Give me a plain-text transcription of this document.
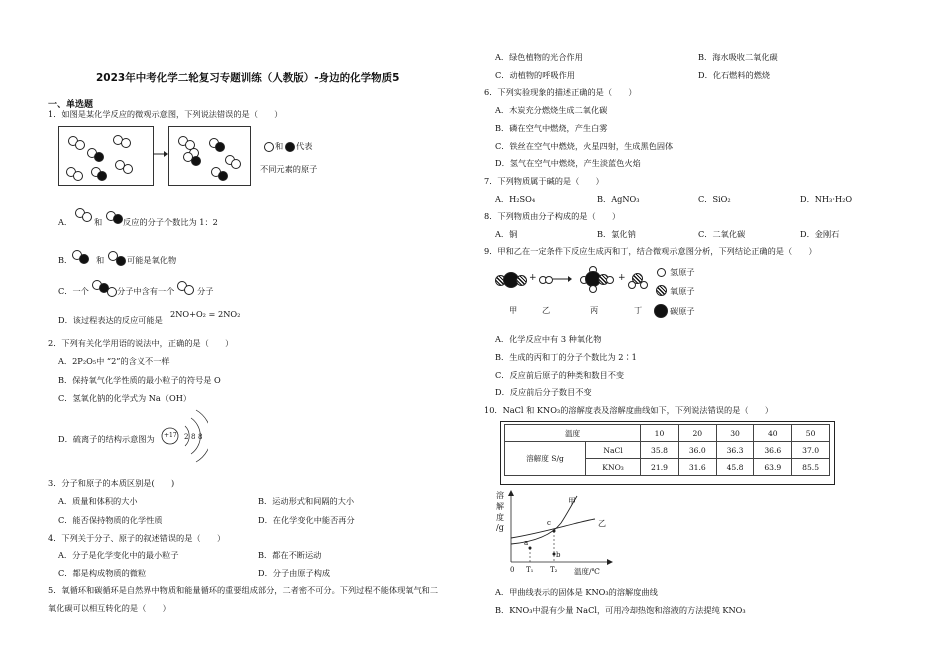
2023年中考化学二轮复习专题训练（人教版）-身边的化学物质5
一、单选题
1．如图是某化学反应的微观示意图，下列说法错误的是（　　）
和 代表
不同元素的原子
A．	和	反应的分子个数比为 1：2
B．	和	可能是氧化物
C．一个	分子中含有一个	分子
D．该过程表达的反应可能是
2NO+O₂ = 2NO₂
2．下列有关化学用语的说法中，正确的是（　　）
A．2P₂O₅中 “2”的含义不一样
B．保持氧气化学性质的最小粒子的符号是 O
C．氢氧化钠的化学式为 Na（OH）
D．硫离子的结构示意图为 +17 2 8 8
3．分子和原子的本质区别是(　　)
A．质量和体积的大小	B．运动形式和间隔的大小
C．能否保持物质的化学性质	D．在化学变化中能否再分
4．下列关于分子、原子的叙述错误的是（　　）
A．分子是化学变化中的最小粒子	B．都在不断运动
C．都是构成物质的微粒	D．分子由原子构成
5．氧循环和碳循环是自然界中物质和能量循环的重要组成部分，二者密不可分。下列过程不能体现氧气和二
氧化碳可以相互转化的是（　　）
A．绿色植物的光合作用	B．海水吸收二氧化碳
C．动植物的呼吸作用	D．化石燃料的燃烧
6．下列实验现象的描述正确的是（　　）
A．木炭充分燃烧生成二氧化碳
B．磷在空气中燃烧，产生白雾
C．铁丝在空气中燃烧，火星四射，生成黑色固体
D．氢气在空气中燃烧，产生淡蓝色火焰
7．下列物质属于碱的是（　　）
A．H₂SO₄	B．AgNO₃	C．SiO₂	D．NH₃·H₂O
8．下列物质由分子构成的是（　　）
A．铜	B．氯化钠	C．二氧化碳	D．金刚石
9．甲和乙在一定条件下反应生成丙和丁，结合微观示意图分析，下列结论正确的是（　　）
+	+
氢原子
氧原子
碳原子
甲	乙	丙	丁
A．化学反应中有 3 种氧化物
B．生成的丙和丁的分子个数比为 2∶1
C．反应前后原子的种类和数目不变
D．反应前后分子数目不变
10．NaCl 和 KNO₃的溶解度表及溶解度曲线如下，下列说法错误的是（　　）
温度		10	20	30	40	50
溶解度 S/g	NaCl	35.8	36.0	36.3	36.6	37.0
	KNO₃	21.9	31.6	45.8	63.9	85.5
溶
解
度
/g
甲
乙
a
b
c
0 T₁ T₂ 温度/℃
A．甲曲线表示的固体是 KNO₃的溶解度曲线
B．KNO₃中混有少量 NaCl，可用冷却热饱和溶液的方法提纯 KNO₃
